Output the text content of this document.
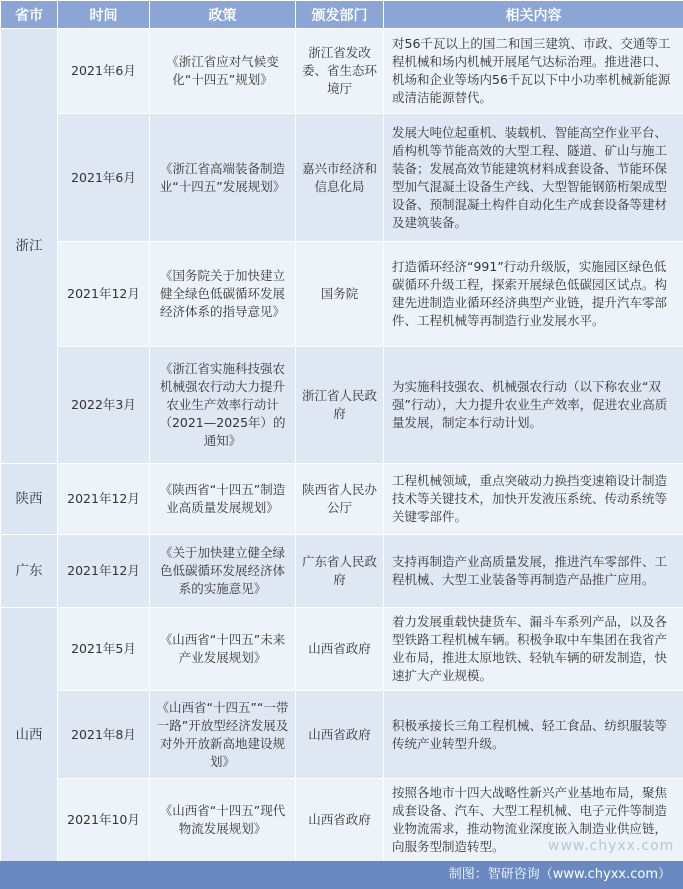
省市	时间	政策	颁发部门	相关内容
浙江	2021年6月	《浙江省应对气候变化“十四五”规划》	浙江省发改委、省生态环境厅	对56千瓦以上的国二和国三建筑、市政、交通等工程机械和场内机械开展尾气达标治理。推进港口、机场和企业等场内56千瓦以下中小功率机械新能源或清洁能源替代。
	2021年6月	《浙江省高端装备制造业“十四五”发展规划》	嘉兴市经济和信息化局	发展大吨位起重机、装载机、智能高空作业平台、盾构机等节能高效的大型工程、隧道、矿山与施工装备；发展高效节能建筑材料成套设备、节能环保型加气混凝土设备生产线、大型智能钢筋桁架成型设备、预制混凝土构件自动化生产成套设备等建材及建筑装备。
	2021年12月	《国务院关于加快建立健全绿色低碳循环发展经济体系的指导意见》	国务院	打造循环经济“991”行动升级版，实施园区绿色低碳循环升级工程，探索开展绿色低碳园区试点。构建先进制造业循环经济典型产业链，提升汽车零部件、工程机械等再制造行业发展水平。
	2022年3月	《浙江省实施科技强农机械强农行动大力提升农业生产效率行动计（2021—2025年）的通知》	浙江省人民政府	为实施科技强农、机械强农行动（以下称农业“双强”行动），大力提升农业生产效率，促进农业高质量发展，制定本行动计划。
陕西	2021年12月	《陕西省“十四五”制造业高质量发展规划》	陕西省人民办公厅	工程机械领域，重点突破动力换挡变速箱设计制造技术等关键技术，加快开发液压系统、传动系统等关键零部件。
广东	2021年12月	《关于加快建立健全绿色低碳循环发展经济体系的实施意见》	广东省人民政府	支持再制造产业高质量发展，推进汽车零部件、工程机械、大型工业装备等再制造产品推广应用。
山西	2021年5月	《山西省“十四五”未来产业发展规划》	山西省政府	着力发展重载快捷货车、漏斗车系列产品，以及各型铁路工程机械车辆。积极争取中车集团在我省产业布局，推进太原地铁、轻轨车辆的研发制造，快速扩大产业规模。
	2021年8月	《山西省“十四五”“一带一路”开放型经济发展及对外开放新高地建设规划》	山西省政府	积极承接长三角工程机械、轻工食品、纺织服装等传统产业转型升级。
	2021年10月	《山西省“十四五”现代物流发展规划》	山西省政府	按照各地市十四大战略性新兴产业基地布局，聚焦成套设备、汽车、大型工程机械、电子元件等制造业物流需求，推动物流业深度嵌入制造业供应链，向服务型制造转型。	www.chyxx.com
制图：智研咨询（www.chyxx.com）
